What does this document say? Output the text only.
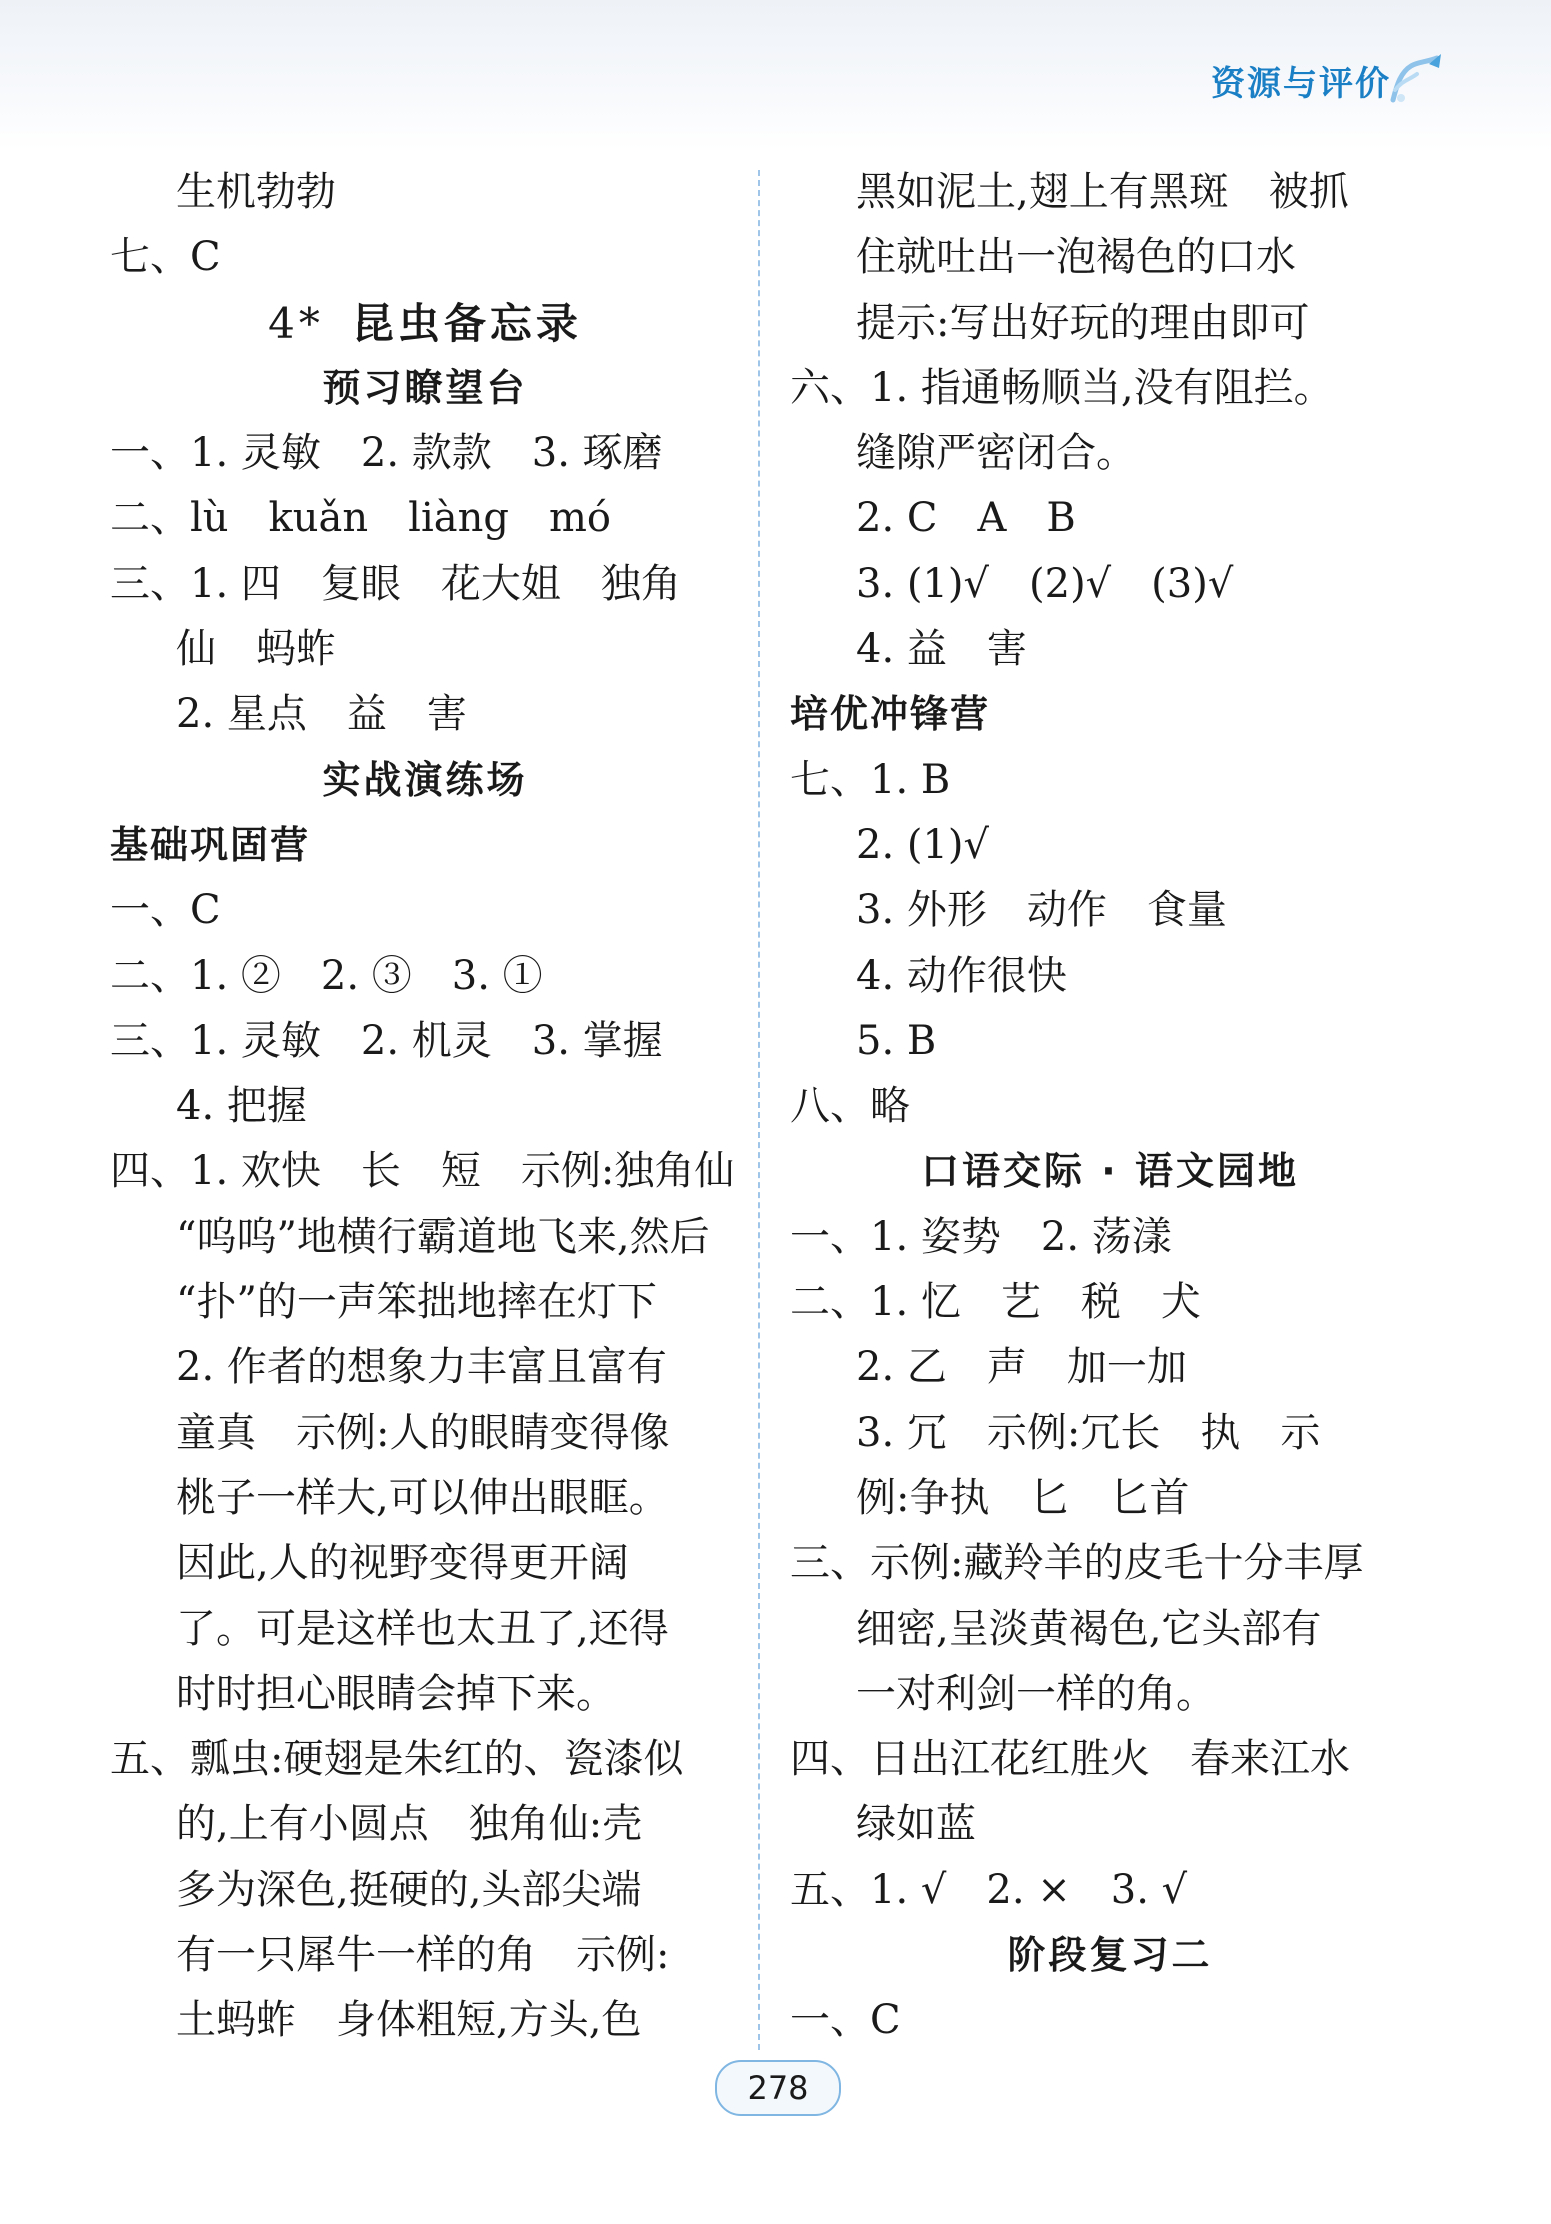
资源与评价
生机勃勃
七、C
4* 昆虫备忘录
预习瞭望台
一、1. 灵敏　2. 款款　3. 琢磨
二、lù　kuǎn　liàng　mó
三、1. 四　复眼　花大姐　独角
仙　蚂蚱
2. 星点　益　害
实战演练场
基础巩固营
一、C
二、1. ②　2. ③　3. ①
三、1. 灵敏　2. 机灵　3. 掌握
4. 把握
四、1. 欢快　长　短　示例:独角仙
“呜呜”地横行霸道地飞来,然后
“扑”的一声笨拙地摔在灯下
2. 作者的想象力丰富且富有
童真　示例:人的眼睛变得像
桃子一样大,可以伸出眼眶。
因此,人的视野变得更开阔
了。可是这样也太丑了,还得
时时担心眼睛会掉下来。
五、瓢虫:硬翅是朱红的、瓷漆似
的,上有小圆点　独角仙:壳
多为深色,挺硬的,头部尖端
有一只犀牛一样的角　示例:
土蚂蚱　身体粗短,方头,色
黑如泥土,翅上有黑斑　被抓
住就吐出一泡褐色的口水
提示:写出好玩的理由即可
六、1. 指通畅顺当,没有阻拦。
缝隙严密闭合。
2. C　A　B
3. (1)√　(2)√　(3)√
4. 益　害
培优冲锋营
七、1. B
2. (1)√
3. 外形　动作　食量
4. 动作很快
5. B
八、略
口语交际 · 语文园地
一、1. 姿势　2. 荡漾
二、1. 忆　艺　税　犬
2. 乙　声　加一加
3. 冗　示例:冗长　执　示
例:争执　匕　匕首
三、示例:藏羚羊的皮毛十分丰厚
细密,呈淡黄褐色,它头部有
一对利剑一样的角。
四、日出江花红胜火　春来江水
绿如蓝
五、1. √　2. ×　3. √
阶段复习二
一、C
278
